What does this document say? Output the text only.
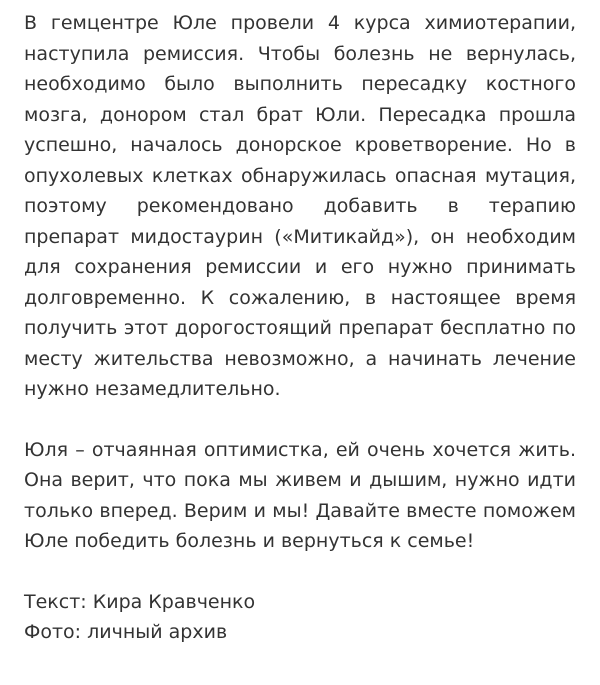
В гемцентре Юле провели 4 курса химиотерапии, наступила ремиссия. Чтобы болезнь не вернулась, необходимо было выполнить пересадку костного мозга, донором стал брат Юли. Пересадка прошла успешно, началось донорское кроветворение. Но в опухолевых клетках обнаружилась опасная мутация, поэтому рекомендовано добавить в терапию препарат мидостаурин («Митикайд»), он необходим для сохранения ремиссии и его нужно принимать долговременно. К сожалению, в настоящее время получить этот дорогостоящий препарат бесплатно по месту жительства невозможно, а начинать лечение нужно незамедлительно.

Юля – отчаянная оптимистка, ей очень хочется жить. Она верит, что пока мы живем и дышим, нужно идти только вперед. Верим и мы! Давайте вместе поможем Юле победить болезнь и вернуться к семье!

Текст: Кира Кравченко
Фото: личный архив
